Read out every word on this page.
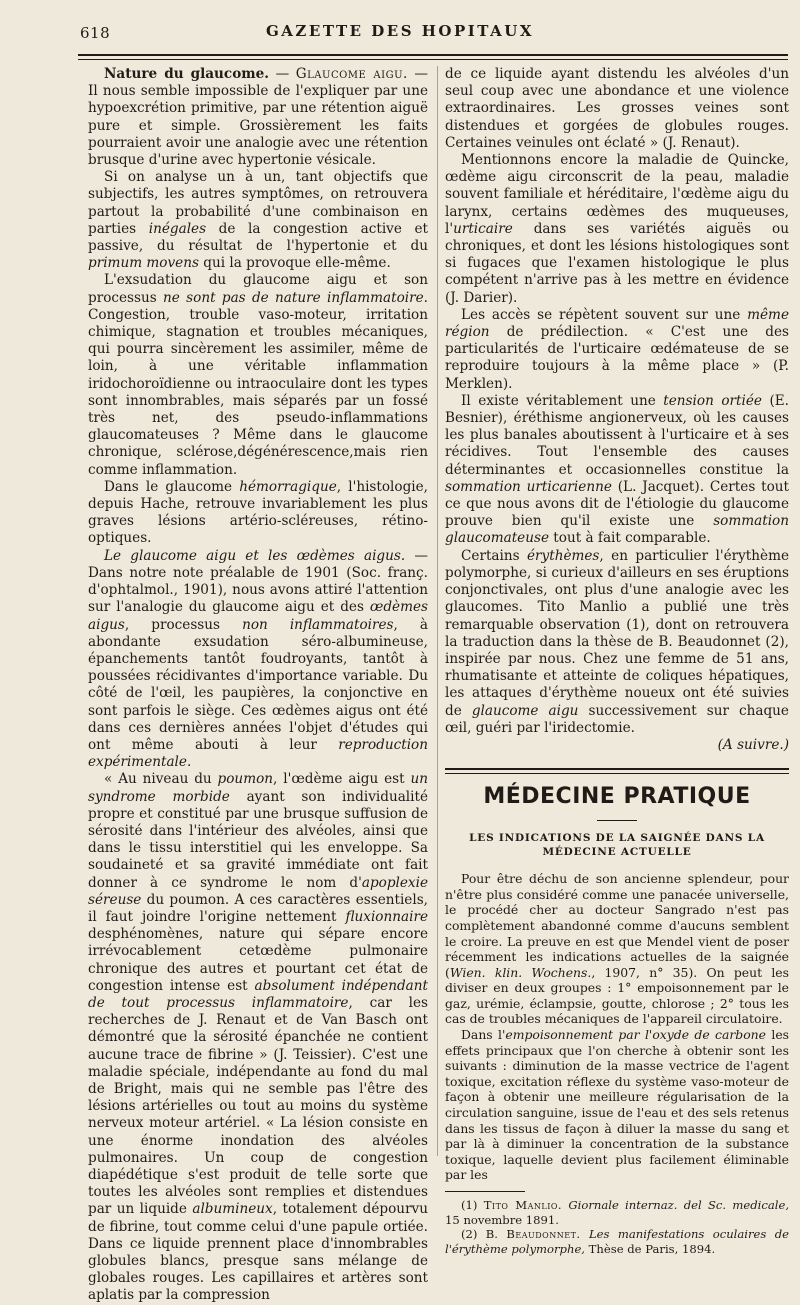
618	GAZETTE DES HOPITAUX

Nature du glaucome. — Glaucome aigu. — Il nous semble impossible de l'expliquer par une hypoexcrétion primitive, par une rétention aiguë pure et simple. Grossièrement les faits pourraient avoir une analogie avec une rétention brusque d'urine avec hypertonie vésicale.

Si on analyse un à un, tant objectifs que subjectifs, les autres symptômes, on retrouvera partout la probabilité d'une combinaison en parties inégales de la congestion active et passive, du résultat de l'hypertonie et du primum movens qui la provoque elle-même.

L'exsudation du glaucome aigu et son processus ne sont pas de nature inflammatoire. Congestion, trouble vaso-moteur, irritation chimique, stagnation et troubles mécaniques, qui pourra sincèrement les assimiler, même de loin, à une véritable inflammation iridochoroïdienne ou intraoculaire dont les types sont innombrables, mais séparés par un fossé très net, des pseudo-inflammations glaucomateuses ? Même dans le glaucome chronique, sclérose,dégénérescence,mais rien comme inflammation.

Dans le glaucome hémorragique, l'histologie, depuis Hache, retrouve invariablement les plus graves lésions artério-scléreuses, rétino-optiques.

Le glaucome aigu et les œdèmes aigus. — Dans notre note préalable de 1901 (Soc. franç. d'ophtalmol., 1901), nous avons attiré l'attention sur l'analogie du glaucome aigu et des œdèmes aigus, processus non inflammatoires, à abondante exsudation séro-albumineuse, épanchements tantôt foudroyants, tantôt à poussées récidivantes d'importance variable. Du côté de l'œil, les paupières, la conjonctive en sont parfois le siège. Ces œdèmes aigus ont été dans ces dernières années l'objet d'études qui ont même abouti à leur reproduction expérimentale.

« Au niveau du poumon, l'œdème aigu est un syndrome morbide ayant son individualité propre et constitué par une brusque suffusion de sérosité dans l'intérieur des alvéoles, ainsi que dans le tissu interstitiel qui les enveloppe. Sa soudaineté et sa gravité immédiate ont fait donner à ce syndrome le nom d'apoplexie séreuse du poumon. A ces caractères essentiels, il faut joindre l'origine nettement fluxionnaire desphénomènes, nature qui sépare encore irrévocablement cetœdème pulmonaire chronique des autres et pourtant cet état de congestion intense est absolument indépendant de tout processus inflammatoire, car les recherches de J. Renaut et de Van Basch ont démontré que la sérosité épanchée ne contient aucune trace de fibrine » (J. Teissier). C'est une maladie spéciale, indépendante au fond du mal de Bright, mais qui ne semble pas l'être des lésions artérielles ou tout au moins du système nerveux moteur artériel. « La lésion consiste en une énorme inondation des alvéoles pulmonaires. Un coup de congestion diapédétique s'est produit de telle sorte que toutes les alvéoles sont remplies et distendues par un liquide albumineux, totalement dépourvu de fibrine, tout comme celui d'une papule ortiée. Dans ce liquide prennent place d'innombrables globules blancs, presque sans mélange de globales rouges. Les capillaires et artères sont aplatis par la compression

de ce liquide ayant distendu les alvéoles d'un seul coup avec une abondance et une violence extraordinaires. Les grosses veines sont distendues et gorgées de globules rouges. Certaines veinules ont éclaté » (J. Renaut).

Mentionnons encore la maladie de Quincke, œdème aigu circonscrit de la peau, maladie souvent familiale et héréditaire, l'œdème aigu du larynx, certains œdèmes des muqueuses, l'urticaire dans ses variétés aiguës ou chroniques, et dont les lésions histologiques sont si fugaces que l'examen histologique le plus compétent n'arrive pas à les mettre en évidence (J. Darier).

Les accès se répètent souvent sur une même région de prédilection. « C'est une des particularités de l'urticaire œdémateuse de se reproduire toujours à la même place » (P. Merklen).

Il existe véritablement une tension ortiée (E. Besnier), éréthisme angionerveux, où les causes les plus banales aboutissent à l'urticaire et à ses récidives. Tout l'ensemble des causes déterminantes et occasionnelles constitue la sommation urticarienne (L. Jacquet). Certes tout ce que nous avons dit de l'étiologie du glaucome prouve bien qu'il existe une sommation glaucomateuse tout à fait comparable.

Certains érythèmes, en particulier l'érythème polymorphe, si curieux d'ailleurs en ses éruptions conjonctivales, ont plus d'une analogie avec les glaucomes. Tito Manlio a publié une très remarquable observation (1), dont on retrouvera la traduction dans la thèse de B. Beaudonnet (2), inspirée par nous. Chez une femme de 51 ans, rhumatisante et atteinte de coliques hépatiques, les attaques d'érythème noueux ont été suivies de glaucome aigu successivement sur chaque œil, guéri par l'iridectomie.

(A suivre.)

MÉDECINE PRATIQUE
LES INDICATIONS DE LA SAIGNÉE DANS LA MÉDECINE ACTUELLE

Pour être déchu de son ancienne splendeur, pour n'être plus considéré comme une panacée universelle, le procédé cher au docteur Sangrado n'est pas complètement abandonné comme d'aucuns semblent le croire. La preuve en est que Mendel vient de poser récemment les indications actuelles de la saignée (Wien. klin. Wochens., 1907, n° 35). On peut les diviser en deux groupes : 1° empoisonnement par le gaz, urémie, éclampsie, goutte, chlorose ; 2° tous les cas de troubles mécaniques de l'appareil circulatoire.

Dans l'empoisonnement par l'oxyde de carbone les effets principaux que l'on cherche à obtenir sont les suivants : diminution de la masse vectrice de l'agent toxique, excitation réflexe du système vaso-moteur de façon à obtenir une meilleure régularisation de la circulation sanguine, issue de l'eau et des sels retenus dans les tissus de façon à diluer la masse du sang et par là à diminuer la concentration de la substance toxique, laquelle devient plus facilement éliminable par les

(1) Tito Manlio. Giornale internaz. del Sc. medicale, 15 novembre 1891.

(2) B. Beaudonnet. Les manifestations oculaires de l'érythème polymorphe, Thèse de Paris, 1894.
